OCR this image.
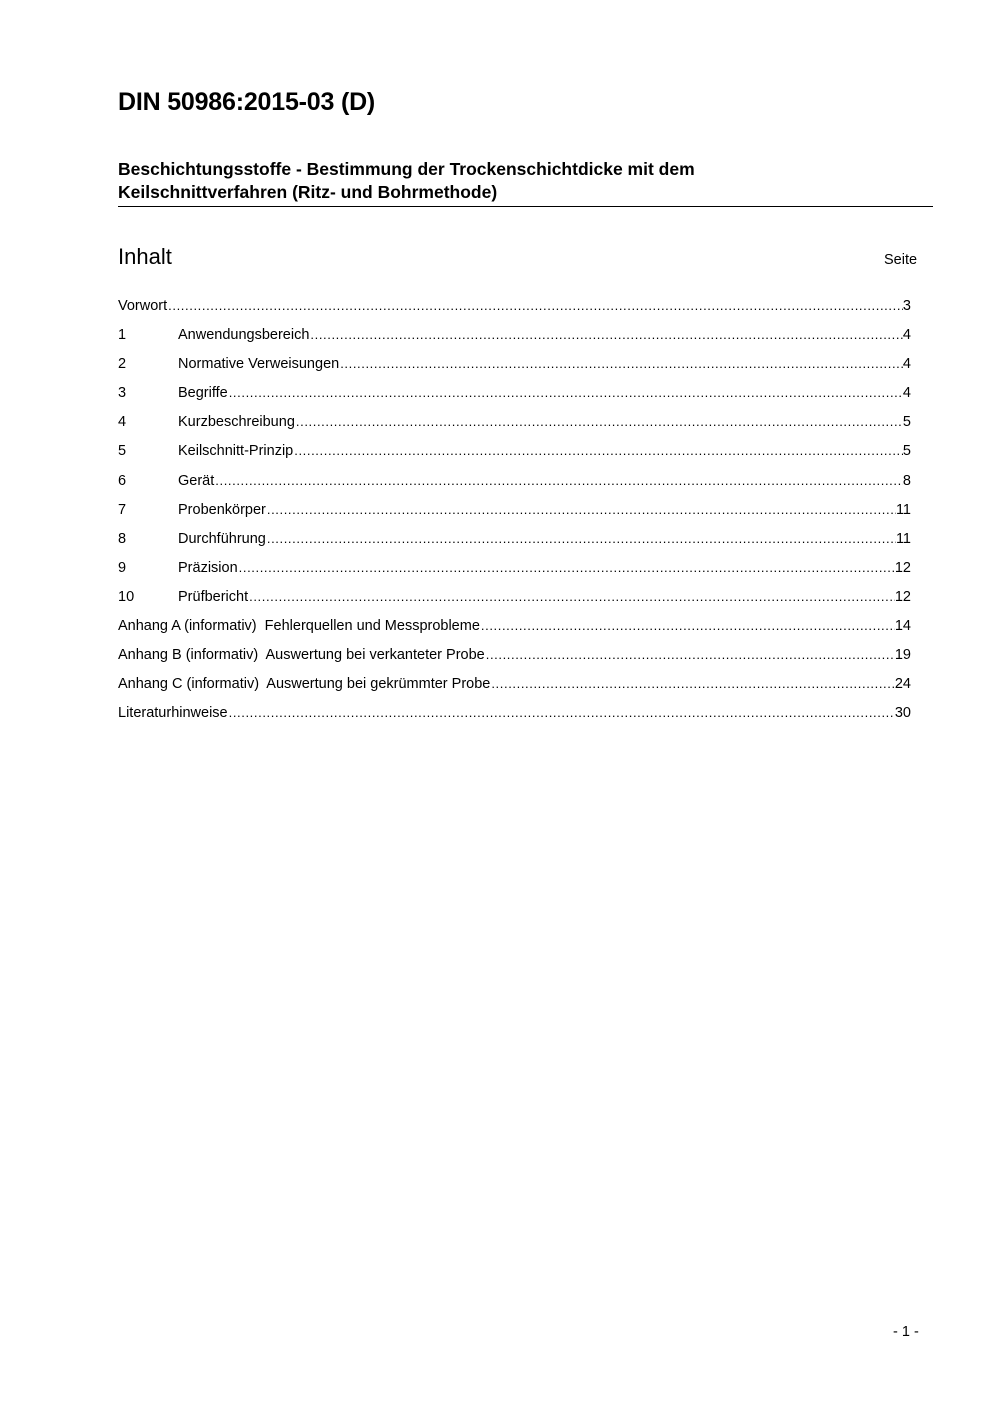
DIN 50986:2015-03 (D)
Beschichtungsstoffe - Bestimmung der Trockenschichtdicke mit dem
Keilschnittverfahren (Ritz- und Bohrmethode)
Inhalt	Seite
Vorwort .....	3
1	Anwendungsbereich .....	4
2	Normative Verweisungen .....	4
3	Begriffe .....	4
4	Kurzbeschreibung .....	5
5	Keilschnitt-Prinzip .....	5
6	Gerät .....	8
7	Probenkörper .....	11
8	Durchführung .....	11
9	Präzision .....	12
10	Prüfbericht .....	12
Anhang A (informativ)  Fehlerquellen und Messprobleme .....	14
Anhang B (informativ)  Auswertung bei verkanteter Probe .....	19
Anhang C (informativ)  Auswertung bei gekrümmter Probe .....	24
Literaturhinweise .....	30
- 1 -
